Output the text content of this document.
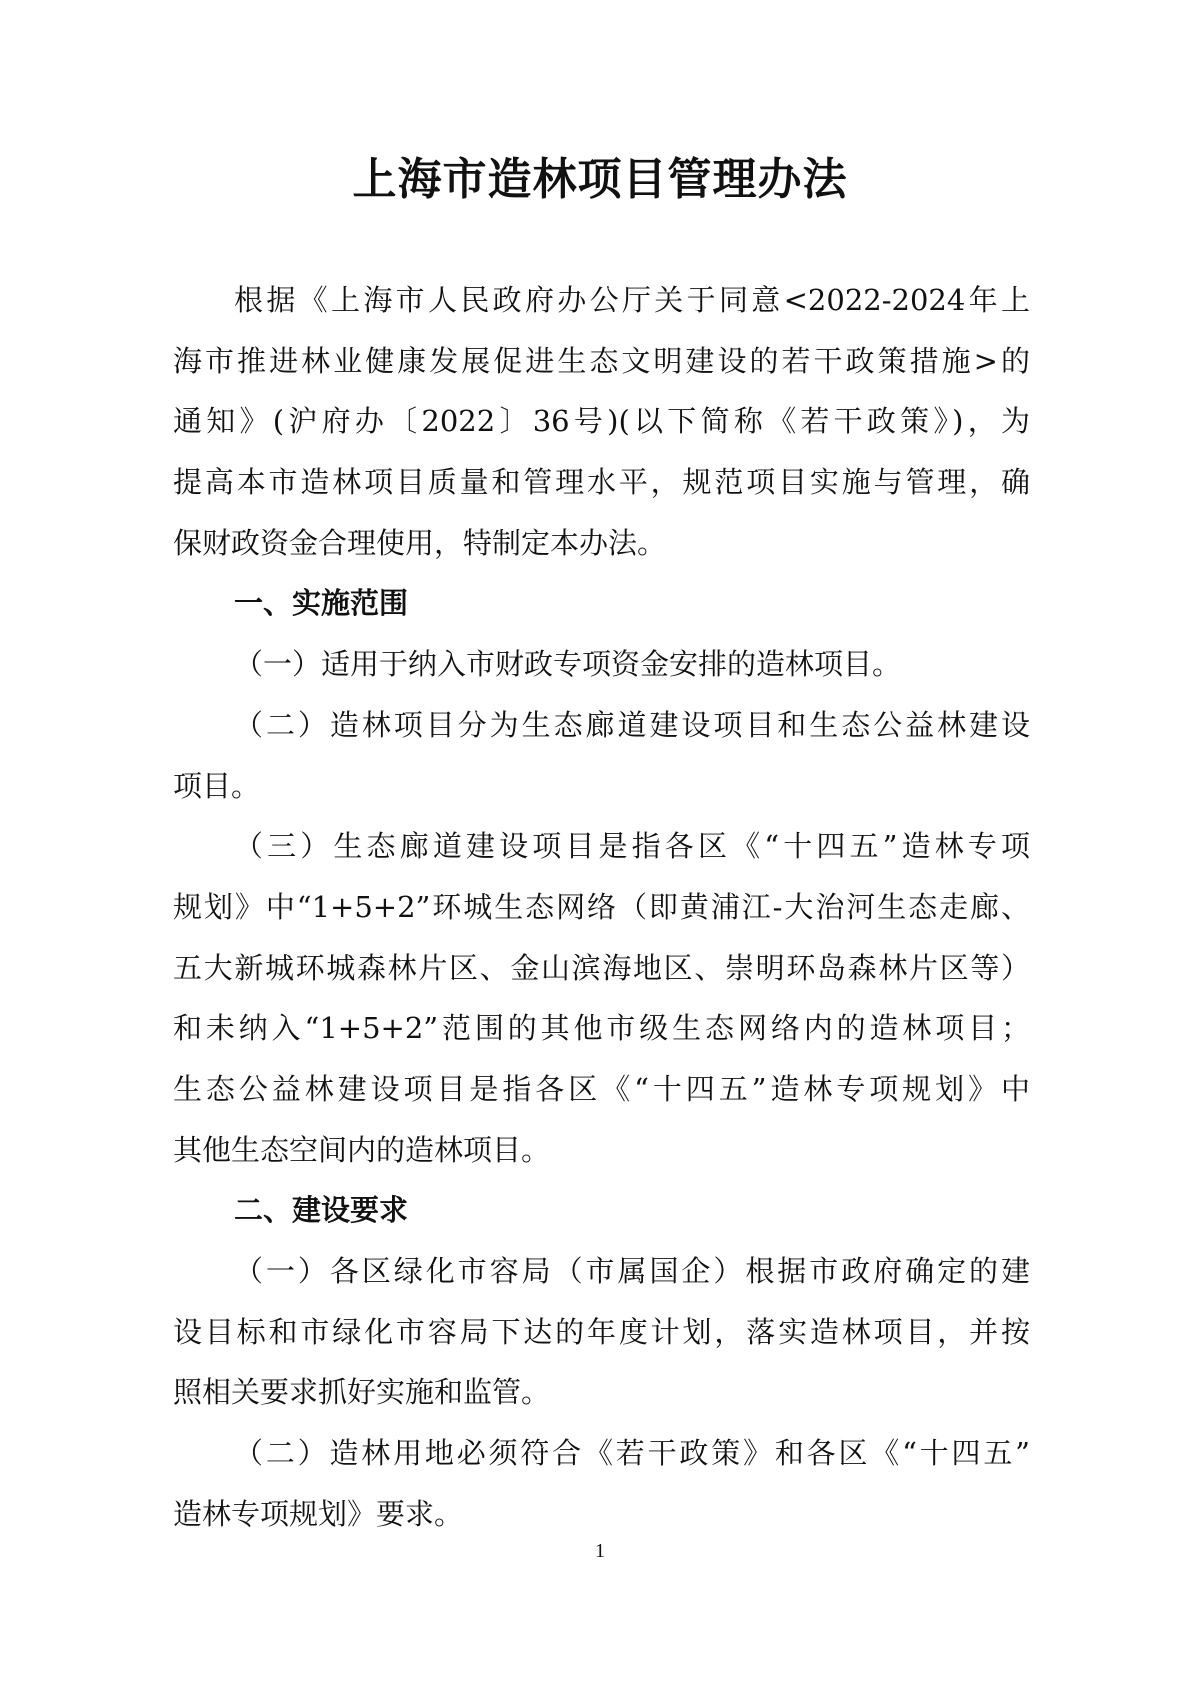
上海市造林项目管理办法
根据《上海市人民政府办公厅关于同意<2022-2024年上
海市推进林业健康发展促进生态文明建设的若干政策措施>的
通知》(沪府办〔2022〕36号)(以下简称《若干政策》)，为
提高本市造林项目质量和管理水平，规范项目实施与管理，确
保财政资金合理使用，特制定本办法。
一、实施范围
（一）适用于纳入市财政专项资金安排的造林项目。
（二）造林项目分为生态廊道建设项目和生态公益林建设
项目。
（三）生态廊道建设项目是指各区《“十四五”造林专项
规划》中“1+5+2”环城生态网络（即黄浦江-大治河生态走廊、
五大新城环城森林片区、金山滨海地区、崇明环岛森林片区等）
和未纳入“1+5+2”范围的其他市级生态网络内的造林项目；
生态公益林建设项目是指各区《“十四五”造林专项规划》中
其他生态空间内的造林项目。
二、建设要求
（一）各区绿化市容局（市属国企）根据市政府确定的建
设目标和市绿化市容局下达的年度计划，落实造林项目，并按
照相关要求抓好实施和监管。
（二）造林用地必须符合《若干政策》和各区《“十四五”
造林专项规划》要求。
1
